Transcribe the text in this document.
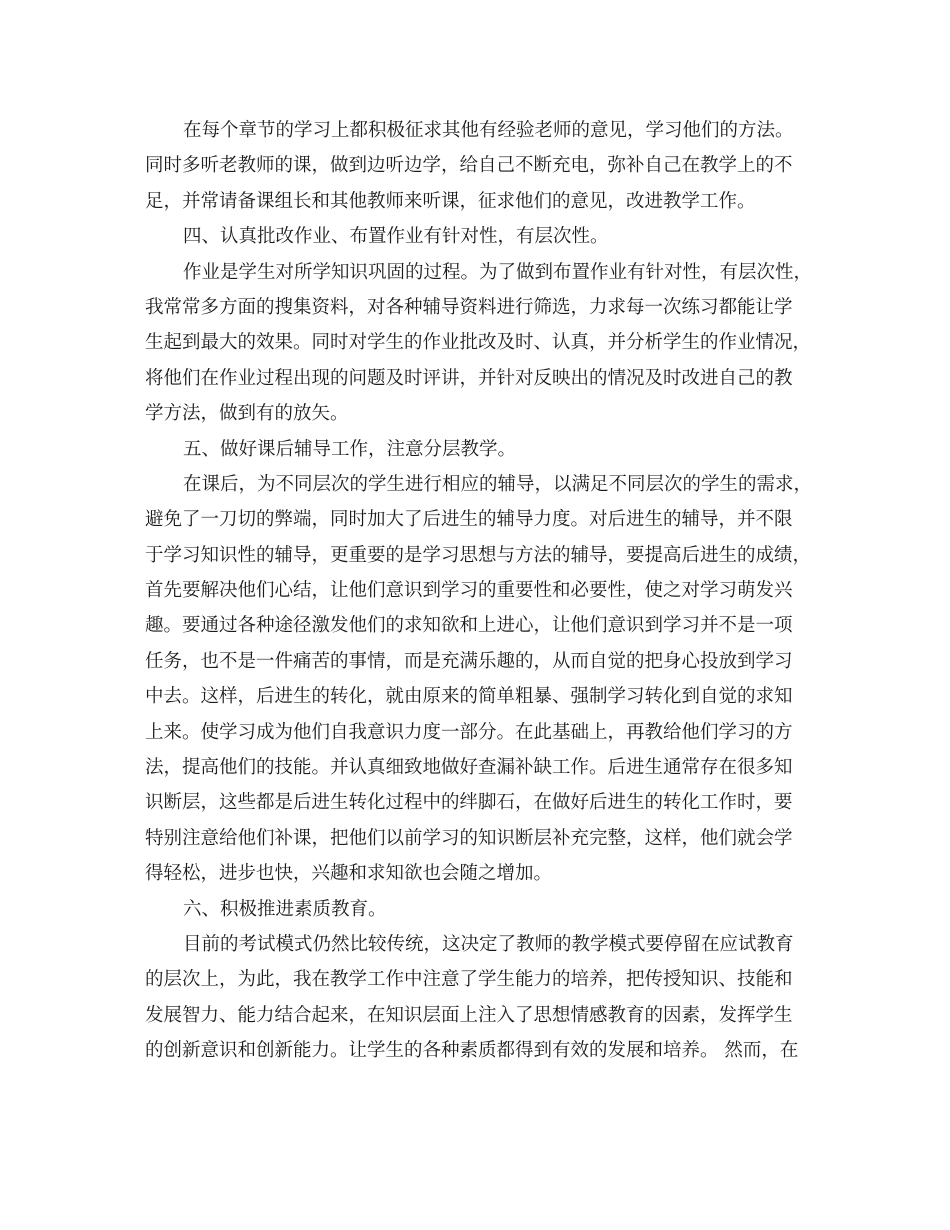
在每个章节的学习上都积极征求其他有经验老师的意见，学习他们的方法。
同时多听老教师的课，做到边听边学，给自己不断充电，弥补自己在教学上的不
足，并常请备课组长和其他教师来听课，征求他们的意见，改进教学工作。
四、认真批改作业、布置作业有针对性，有层次性。
作业是学生对所学知识巩固的过程。为了做到布置作业有针对性，有层次性，
我常常多方面的搜集资料，对各种辅导资料进行筛选，力求每一次练习都能让学
生起到最大的效果。同时对学生的作业批改及时、认真，并分析学生的作业情况，
将他们在作业过程出现的问题及时评讲，并针对反映出的情况及时改进自己的教
学方法，做到有的放矢。
五、做好课后辅导工作，注意分层教学。
在课后，为不同层次的学生进行相应的辅导，以满足不同层次的学生的需求，
避免了一刀切的弊端，同时加大了后进生的辅导力度。对后进生的辅导，并不限
于学习知识性的辅导，更重要的是学习思想与方法的辅导，要提高后进生的成绩，
首先要解决他们心结，让他们意识到学习的重要性和必要性，使之对学习萌发兴
趣。要通过各种途径激发他们的求知欲和上进心，让他们意识到学习并不是一项
任务，也不是一件痛苦的事情，而是充满乐趣的，从而自觉的把身心投放到学习
中去。这样，后进生的转化，就由原来的简单粗暴、强制学习转化到自觉的求知
上来。使学习成为他们自我意识力度一部分。在此基础上，再教给他们学习的方
法，提高他们的技能。并认真细致地做好查漏补缺工作。后进生通常存在很多知
识断层，这些都是后进生转化过程中的绊脚石，在做好后进生的转化工作时，要
特别注意给他们补课，把他们以前学习的知识断层补充完整，这样，他们就会学
得轻松，进步也快，兴趣和求知欲也会随之增加。
六、积极推进素质教育。
目前的考试模式仍然比较传统，这决定了教师的教学模式要停留在应试教育
的层次上，为此，我在教学工作中注意了学生能力的培养，把传授知识、技能和
发展智力、能力结合起来，在知识层面上注入了思想情感教育的因素，发挥学生
的创新意识和创新能力。让学生的各种素质都得到有效的发展和培养。 然而，在
